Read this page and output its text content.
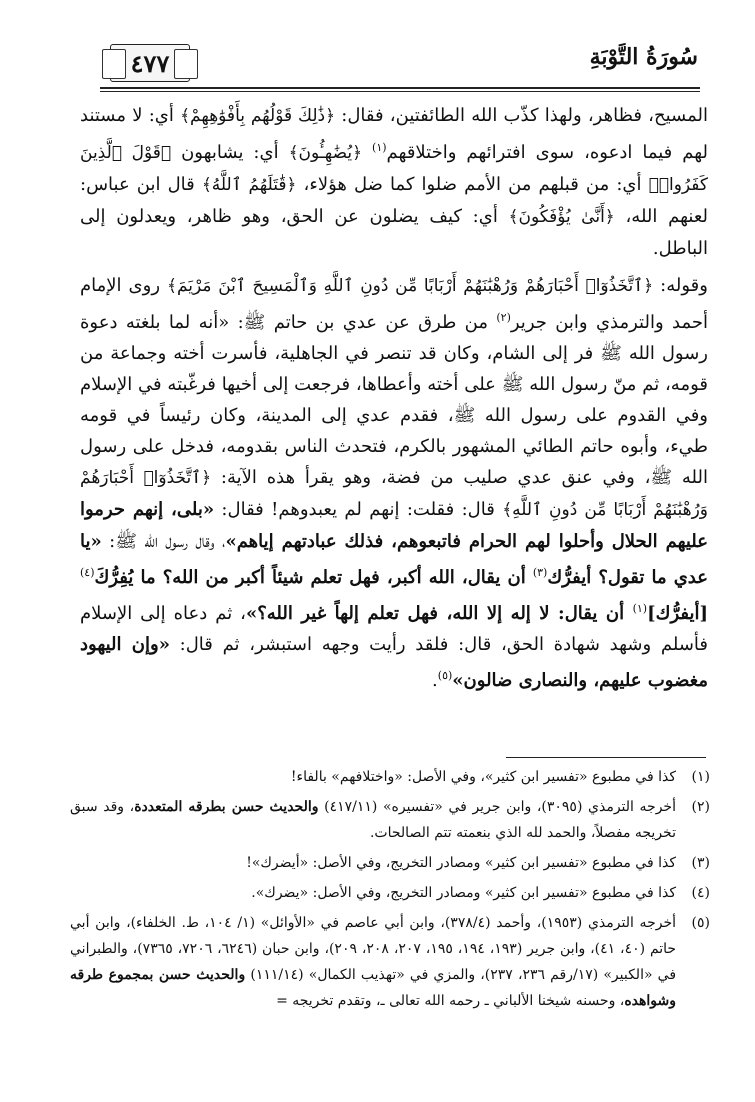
٤٧٧	سُورَةُ التَّوْبَةِ

المسيح، فظاهر، ولهذا كذّب الله الطائفتين، فقال: ﴿ذَٰلِكَ قَوْلُهُم بِأَفْوَٰهِهِمْ﴾ أي: لا مستند لهم فيما ادعوه، سوى افترائهم واختلاقهم$^{(١)}$ ﴿يُضَٰهِـُٔونَ﴾ أي: يشابهون ﴿قَوْلَ ٱلَّذِينَ كَفَرُوا۟﴾ أي: من قبلهم من الأمم ضلوا كما ضل هؤلاء، ﴿قَٰتَلَهُمُ ٱللَّهُ﴾ قال ابن عباس: لعنهم الله، ﴿أَنَّىٰ يُؤْفَكُونَ﴾ أي: كيف يضلون عن الحق، وهو ظاهر، ويعدلون إلى الباطل.

وقوله: ﴿ٱتَّخَذُوٓا۟ أَحْبَارَهُمْ وَرُهْبَٰنَهُمْ أَرْبَابًا مِّن دُونِ ٱللَّهِ وَٱلْمَسِيحَ ٱبْنَ مَرْيَمَ﴾ روى الإمام أحمد والترمذي وابن جرير$^{(٢)}$ من طرق عن عدي بن حاتم ﷺ: «أنه لما بلغته دعوة رسول الله ﷺ فر إلى الشام، وكان قد تنصر في الجاهلية، فأسرت أخته وجماعة من قومه، ثم منّ رسول الله ﷺ على أخته وأعطاها، فرجعت إلى أخيها فرغّبته في الإسلام وفي القدوم على رسول الله ﷺ، فقدم عدي إلى المدينة، وكان رئيساً في قومه طيء، وأبوه حاتم الطائي المشهور بالكرم، فتحدث الناس بقدومه، فدخل على رسول الله ﷺ، وفي عنق عدي صليب من فضة، وهو يقرأ هذه الآية: ﴿ٱتَّخَذُوٓا۟ أَحْبَارَهُمْ وَرُهْبَٰنَهُمْ أَرْبَابًا مِّن دُونِ ٱللَّهِ﴾ قال: فقلت: إنهم لم يعبدوهم! فقال: «بلى، إنهم حرموا عليهم الحلال وأحلوا لهم الحرام فاتبعوهم، فذلك عبادتهم إياهم»، وقال رسول الله ﷺ: «يا عدي ما تقول؟ أيفرُّك$^{(٣)}$ أن يقال، الله أكبر، فهل تعلم شيئاً أكبر من الله؟ ما يُفِرُّكَ$^{(٤)}$ [أيفرُّك]$^{(١)}$ أن يقال: لا إله إلا الله، فهل تعلم إلهاً غير الله؟»، ثم دعاه إلى الإسلام فأسلم وشهد شهادة الحق، قال: فلقد رأيت وجهه استبشر، ثم قال: «وإن اليهود مغضوب عليهم، والنصارى ضالون»$^{(٥)}$.

(١)
كذا في مطبوع «تفسير ابن كثير»، وفي الأصل: «واختلافهم» بالفاء!
(٢)
أخرجه الترمذي (٣٠٩٥)، وابن جرير في «تفسيره» (٤١٧/١١) والحديث حسن بطرقه المتعددة، وقد سبق تخريجه مفصلاً، والحمد لله الذي بنعمته تتم الصالحات.
(٣)
كذا في مطبوع «تفسير ابن كثير» ومصادر التخريج، وفي الأصل: «أيضرك»!
(٤)
كذا في مطبوع «تفسير ابن كثير» ومصادر التخريج، وفي الأصل: «يضرك».
(٥)
أخرجه الترمذي (١٩٥٣)، وأحمد (٣٧٨/٤)، وابن أبي عاصم في «الأوائل» (١/ ١٠٤، ط. الخلفاء)، وابن أبي حاتم (٤٠، ٤١)، وابن جرير (١٩٣، ١٩٤، ١٩٥، ٢٠٧، ٢٠٨، ٢٠٩)، وابن حبان (٦٢٤٦، ٧٢٠٦، ٧٣٦٥)، والطبراني في «الكبير» (١٧/رقم ٢٣٦، ٢٣٧)، والمزي في «تهذيب الكمال» (١١١/١٤) والحديث حسن بمجموع طرقه وشواهده، وحسنه شيخنا الألباني ـ رحمه الله تعالى ـ، وتقدم تخريجه =
